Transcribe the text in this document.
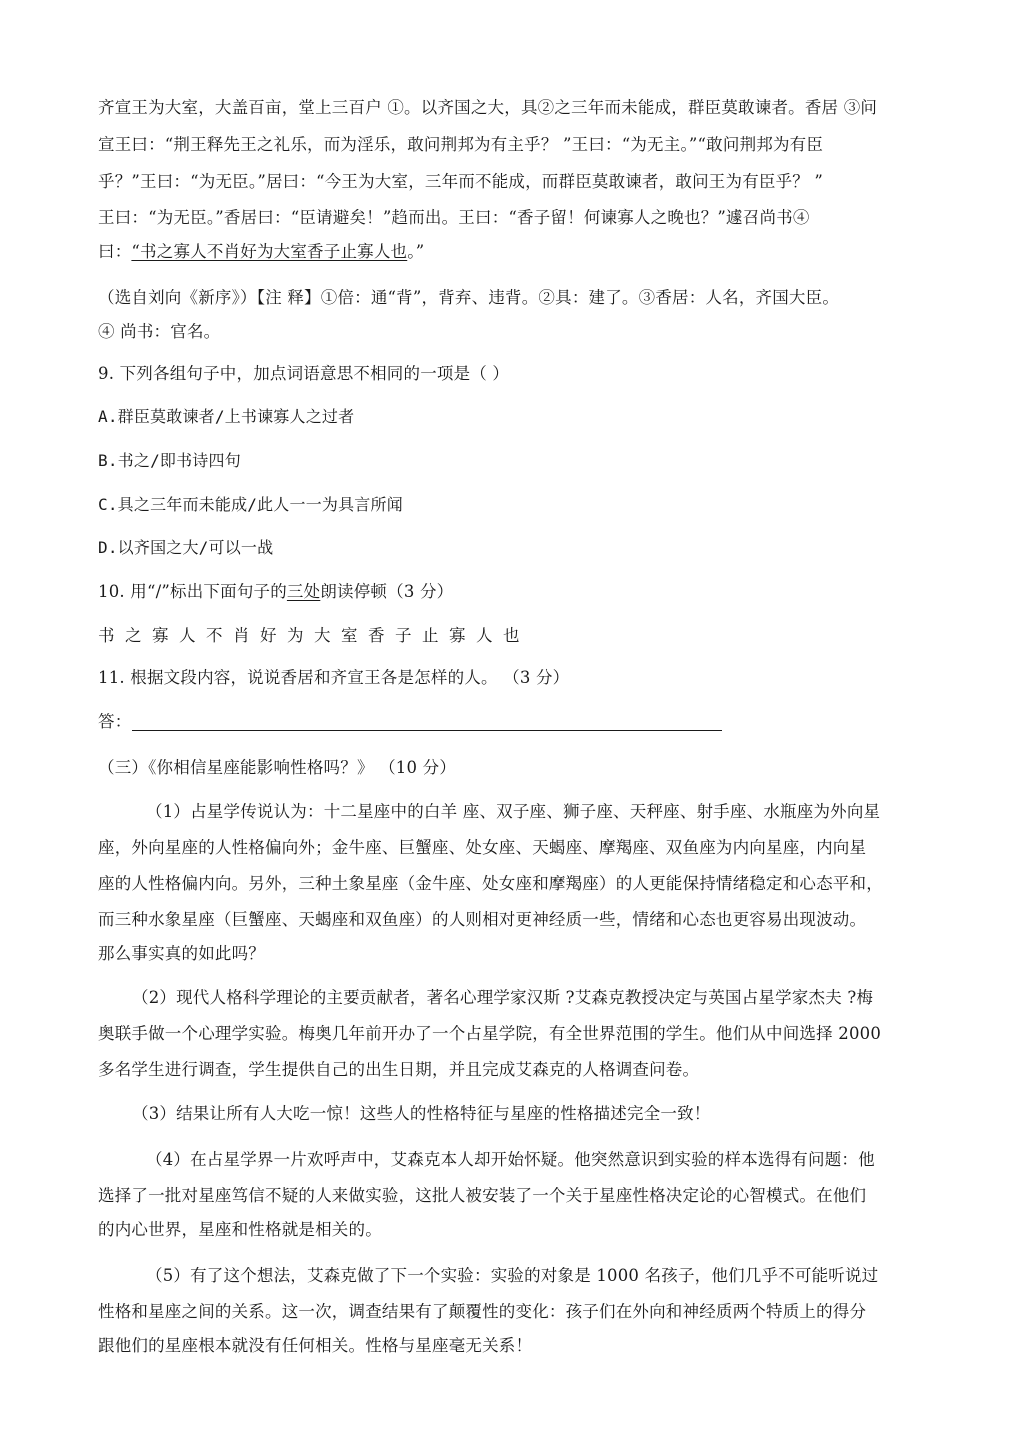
齐宣王为大室，大盖百亩，堂上三百户 ①。以齐国之大，具②之三年而未能成，群臣莫敢谏者。香居 ③问
宣王曰：“荆王释先王之礼乐，而为淫乐，敢问荆邦为有主乎？ ”王曰：“为无主。”“敢问荆邦为有臣
乎？”王曰：“为无臣。”居曰：“今王为大室，三年而不能成，而群臣莫敢谏者，敢问王为有臣乎？ ”
王曰：“为无臣。”香居曰：“臣请避矣！”趋而出。王曰：“香子留！何谏寡人之晚也？”遽召尚书④
曰：“书之寡人不肖好为大室香子止寡人也。”
（选自刘向《新序》）【注 释】①倍：通“背”，背弃、违背。②具：建了。③香居：人名，齐国大臣。
④ 尚书：官名。
9. 下列各组句子中，加点词语意思不相同的一项是（ ）
A.群臣莫敢谏者/上书谏寡人之过者
B.书之/即书诗四句
C.具之三年而未能成/此人一一为具言所闻
D.以齐国之大/可以一战
10. 用“/”标出下面句子的三处朗读停顿（3 分）
书之寡人不肖好为大室香子止寡人也
11. 根据文段内容，说说香居和齐宣王各是怎样的人。 （3 分）
答：
（三）《你相信星座能影响性格吗？》 （10 分）
（1）占星学传说认为：十二星座中的白羊 座、双子座、狮子座、天秤座、射手座、水瓶座为外向星
座，外向星座的人性格偏向外；金牛座、巨蟹座、处女座、天蝎座、摩羯座、双鱼座为内向星座，内向星
座的人性格偏内向。另外，三种土象星座（金牛座、处女座和摩羯座）的人更能保持情绪稳定和心态平和，
而三种水象星座（巨蟹座、天蝎座和双鱼座）的人则相对更神经质一些，情绪和心态也更容易出现波动。
那么事实真的如此吗？
（2）现代人格科学理论的主要贡献者，著名心理学家汉斯 ?艾森克教授决定与英国占星学家杰夫 ?梅
奥联手做一个心理学实验。梅奥几年前开办了一个占星学院，有全世界范围的学生。他们从中间选择 2000
多名学生进行调查，学生提供自己的出生日期，并且完成艾森克的人格调查问卷。
（3）结果让所有人大吃一惊！这些人的性格特征与星座的性格描述完全一致！
（4）在占星学界一片欢呼声中，艾森克本人却开始怀疑。他突然意识到实验的样本选得有问题：他
选择了一批对星座笃信不疑的人来做实验，这批人被安装了一个关于星座性格决定论的心智模式。在他们
的内心世界，星座和性格就是相关的。
（5）有了这个想法，艾森克做了下一个实验：实验的对象是 1000 名孩子，他们几乎不可能听说过
性格和星座之间的关系。这一次，调查结果有了颠覆性的变化：孩子们在外向和神经质两个特质上的得分
跟他们的星座根本就没有任何相关。性格与星座毫无关系！
